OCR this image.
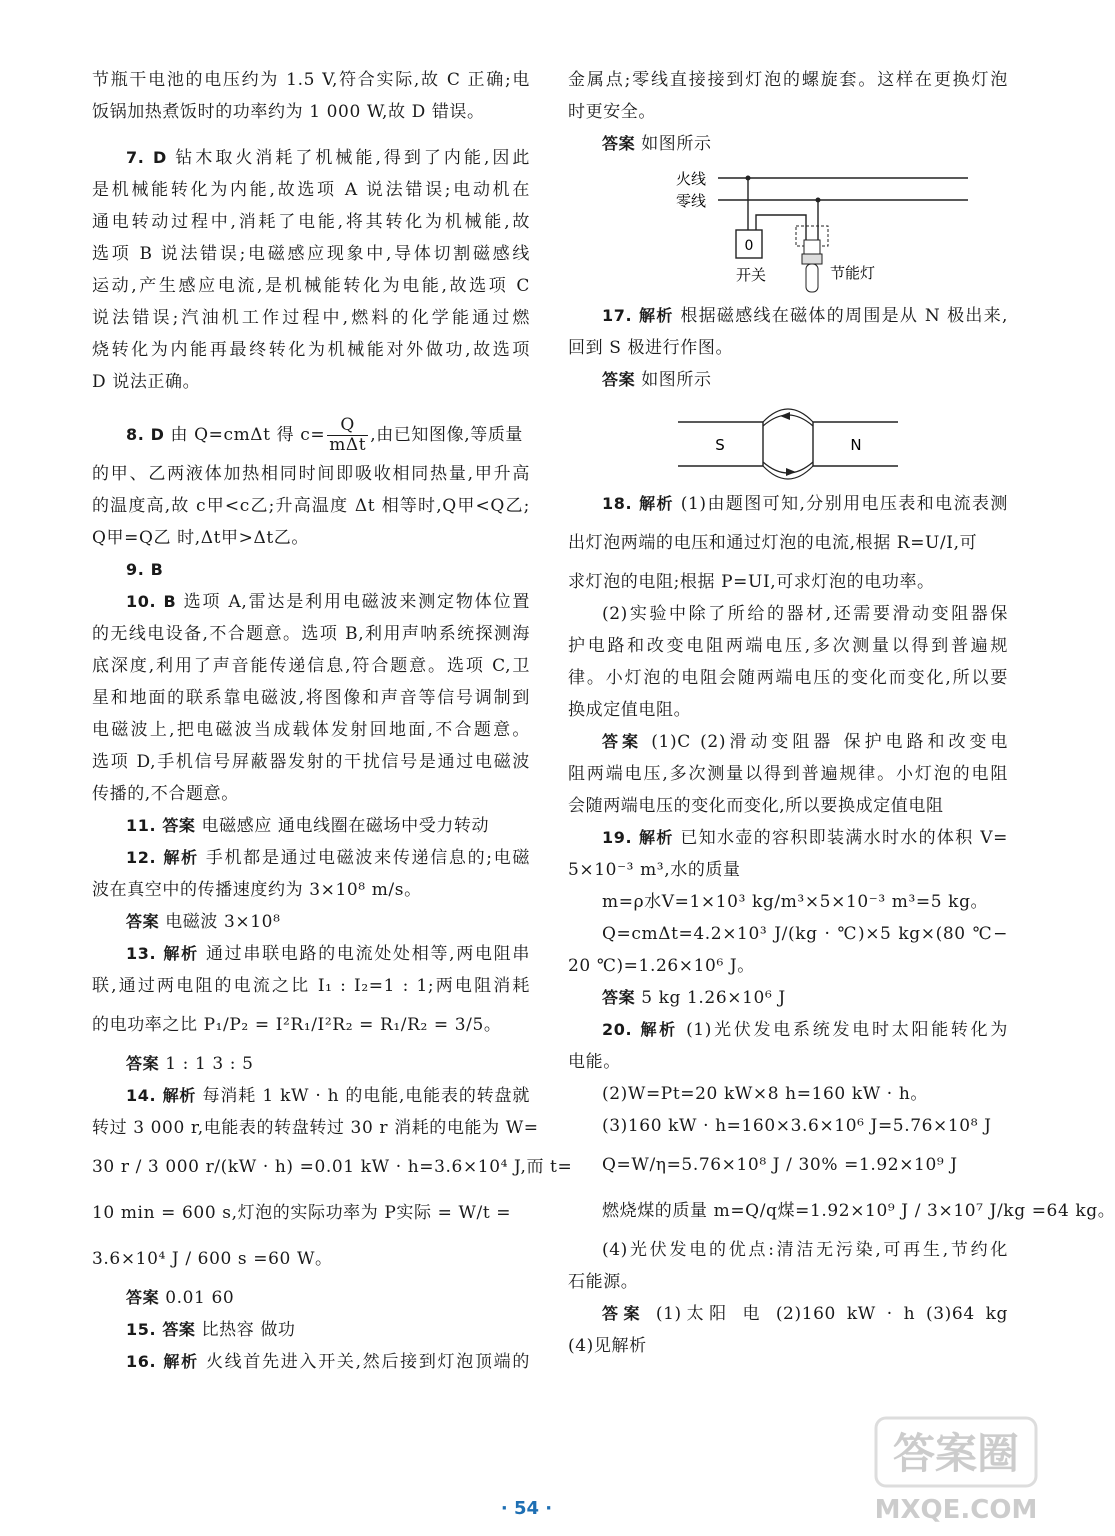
节瓶干电池的电压约为 1.5 V,符合实际,故 C 正确;电
饭锅加热煮饭时的功率约为 1 000 W,故 D 错误。
7. D 钻木取火消耗了机械能,得到了内能,因此
是机械能转化为内能,故选项 A 说法错误;电动机在
通电转动过程中,消耗了电能,将其转化为机械能,故
选项 B 说法错误;电磁感应现象中,导体切割磁感线
运动,产生感应电流,是机械能转化为电能,故选项 C
说法错误;汽油机工作过程中,燃料的化学能通过燃
烧转化为内能再最终转化为机械能对外做功,故选项
D 说法正确。
8. D 由 Q=cmΔt 得 $c= \frac{Q}{\text{mΔt}}$ ,由已知图像,等质量
的甲、乙两液体加热相同时间即吸收相同热量,甲升高
的温度高,故 c甲<c乙;升高温度 Δt 相等时,Q甲<Q乙;
Q甲=Q乙 时,Δt甲>Δt乙。
9. B
10. B 选项 A,雷达是利用电磁波来测定物体位置
的无线电设备,不合题意。选项 B,利用声呐系统探测海
底深度,利用了声音能传递信息,符合题意。选项 C,卫
星和地面的联系靠电磁波,将图像和声音等信号调制到
电磁波上,把电磁波当成载体发射回地面,不合题意。
选项 D,手机信号屏蔽器发射的干扰信号是通过电磁波
传播的,不合题意。
11. 答案 电磁感应 通电线圈在磁场中受力转动
12. 解析 手机都是通过电磁波来传递信息的;电磁
波在真空中的传播速度约为 3×10⁸ m/s。
答案 电磁波 3×10⁸
13. 解析 通过串联电路的电流处处相等,两电阻串
联,通过两电阻的电流之比 I₁ : I₂=1 : 1;两电阻消耗
的电功率之比 P₁/P₂ = I²R₁/I²R₂ = R₁/R₂ = 3/5。
答案 1 : 1 3 : 5
14. 解析 每消耗 1 kW · h 的电能,电能表的转盘就
转过 3 000 r,电能表的转盘转过 30 r 消耗的电能为 W=
30 r / 3 000 r/(kW · h) =0.01 kW · h=3.6×10⁴ J,而 t=
10 min = 600 s,灯泡的实际功率为 P实际 = W/t =
3.6×10⁴ J / 600 s =60 W。
答案 0.01 60
15. 答案 比热容 做功
16. 解析 火线首先进入开关,然后接到灯泡顶端的
金属点;零线直接接到灯泡的螺旋套。这样在更换灯泡
时更安全。
答案 如图所示
0
开关	节能灯
火线
零线
17. 解析 根据磁感线在磁体的周围是从 N 极出来,
回到 S 极进行作图。
答案 如图所示
S	N
18. 解析 (1)由题图可知,分别用电压表和电流表测
出灯泡两端的电压和通过灯泡的电流,根据 R=U/I,可
求灯泡的电阻;根据 P=UI,可求灯泡的电功率。
(2)实验中除了所给的器材,还需要滑动变阻器保
护电路和改变电阻两端电压,多次测量以得到普遍规
律。小灯泡的电阻会随两端电压的变化而变化,所以要
换成定值电阻。
答案 (1)C (2)滑动变阻器 保护电路和改变电
阻两端电压,多次测量以得到普遍规律。小灯泡的电阻
会随两端电压的变化而变化,所以要换成定值电阻
19. 解析 已知水壶的容积即装满水时水的体积 V=
5×10⁻³ m³,水的质量
m=ρ水V=1×10³ kg/m³×5×10⁻³ m³=5 kg。
Q=cmΔt=4.2×10³ J/(kg · ℃)×5 kg×(80 ℃−
20 ℃)=1.26×10⁶ J。
答案 5 kg 1.26×10⁶ J
20. 解析 (1)光伏发电系统发电时太阳能转化为
电能。
(2)W=Pt=20 kW×8 h=160 kW · h。
(3)160 kW · h=160×3.6×10⁶ J=5.76×10⁸ J
Q=W/η=5.76×10⁸ J / 30% =1.92×10⁹ J
燃烧煤的质量 m=Q/q煤=1.92×10⁹ J / 3×10⁷ J/kg =64 kg。
(4)光伏发电的优点:清洁无污染,可再生,节约化
石能源。
答案 (1)太阳 电 (2)160 kW · h (3)64 kg
(4)见解析
· 54 ·
答案圈
MXQE.COM
